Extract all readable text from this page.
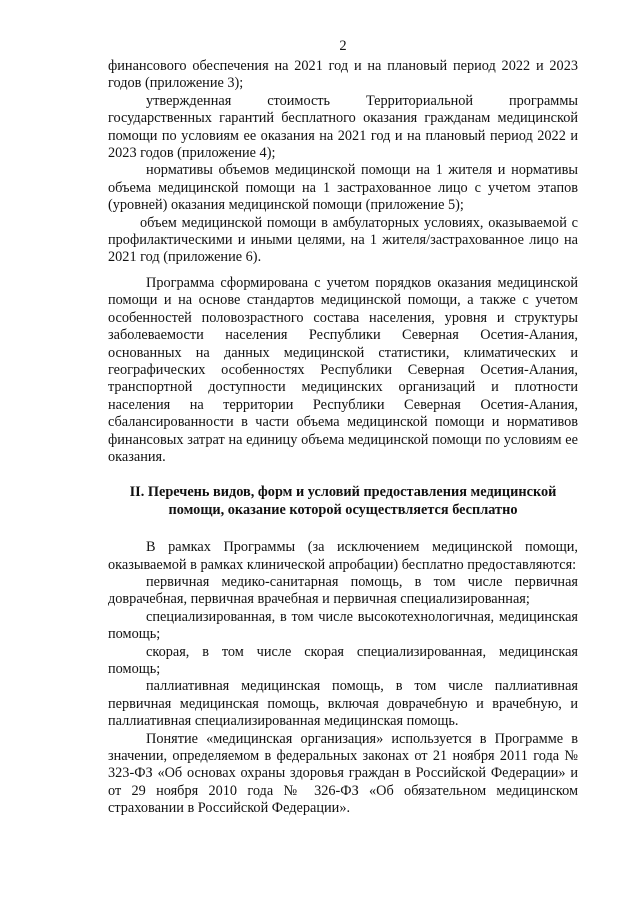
2

финансового обеспечения на 2021 год и на плановый период 2022 и 2023 годов (приложение 3);

утвержденная стоимость Территориальной программы государственных гарантий бесплатного оказания гражданам медицинской помощи по условиям ее оказания на 2021 год и на плановый период 2022 и 2023 годов (приложение 4);

нормативы объемов медицинской помощи на 1 жителя и нормативы объема медицинской помощи на 1 застрахованное лицо с учетом этапов (уровней) оказания медицинской помощи (приложение 5);

объем медицинской помощи в амбулаторных условиях, оказываемой с профилактическими и иными целями, на 1 жителя/застрахованное лицо на 2021 год (приложение 6).

Программа сформирована с учетом порядков оказания медицинской помощи и на основе стандартов медицинской помощи, а также с учетом особенностей половозрастного состава населения, уровня и структуры заболеваемости населения Республики Северная Осетия-Алания, основанных на данных медицинской статистики, климатических и географических особенностях Республики Северная Осетия-Алания, транспортной доступности медицинских организаций и плотности населения на территории Республики Северная Осетия-Алания, сбалансированности в части объема медицинской помощи и нормативов финансовых затрат на единицу объема медицинской помощи по условиям ее оказания.

II. Перечень видов, форм и условий предоставления медицинской помощи, оказание которой осуществляется бесплатно

В рамках Программы (за исключением медицинской помощи, оказываемой в рамках клинической апробации) бесплатно предоставляются:

первичная медико-санитарная помощь, в том числе первичная доврачебная, первичная врачебная и первичная специализированная;

специализированная, в том числе высокотехнологичная, медицинская помощь;

скорая, в том числе скорая специализированная, медицинская помощь;

паллиативная медицинская помощь, в том числе паллиативная первичная медицинская помощь, включая доврачебную и врачебную, и паллиативная специализированная медицинская помощь.

Понятие «медицинская организация» используется в Программе в значении, определяемом в федеральных законах от 21 ноября 2011 года № 323-ФЗ «Об основах охраны здоровья граждан в Российской Федерации» и от 29 ноября 2010 года № 326-ФЗ «Об обязательном медицинском страховании в Российской Федерации».
